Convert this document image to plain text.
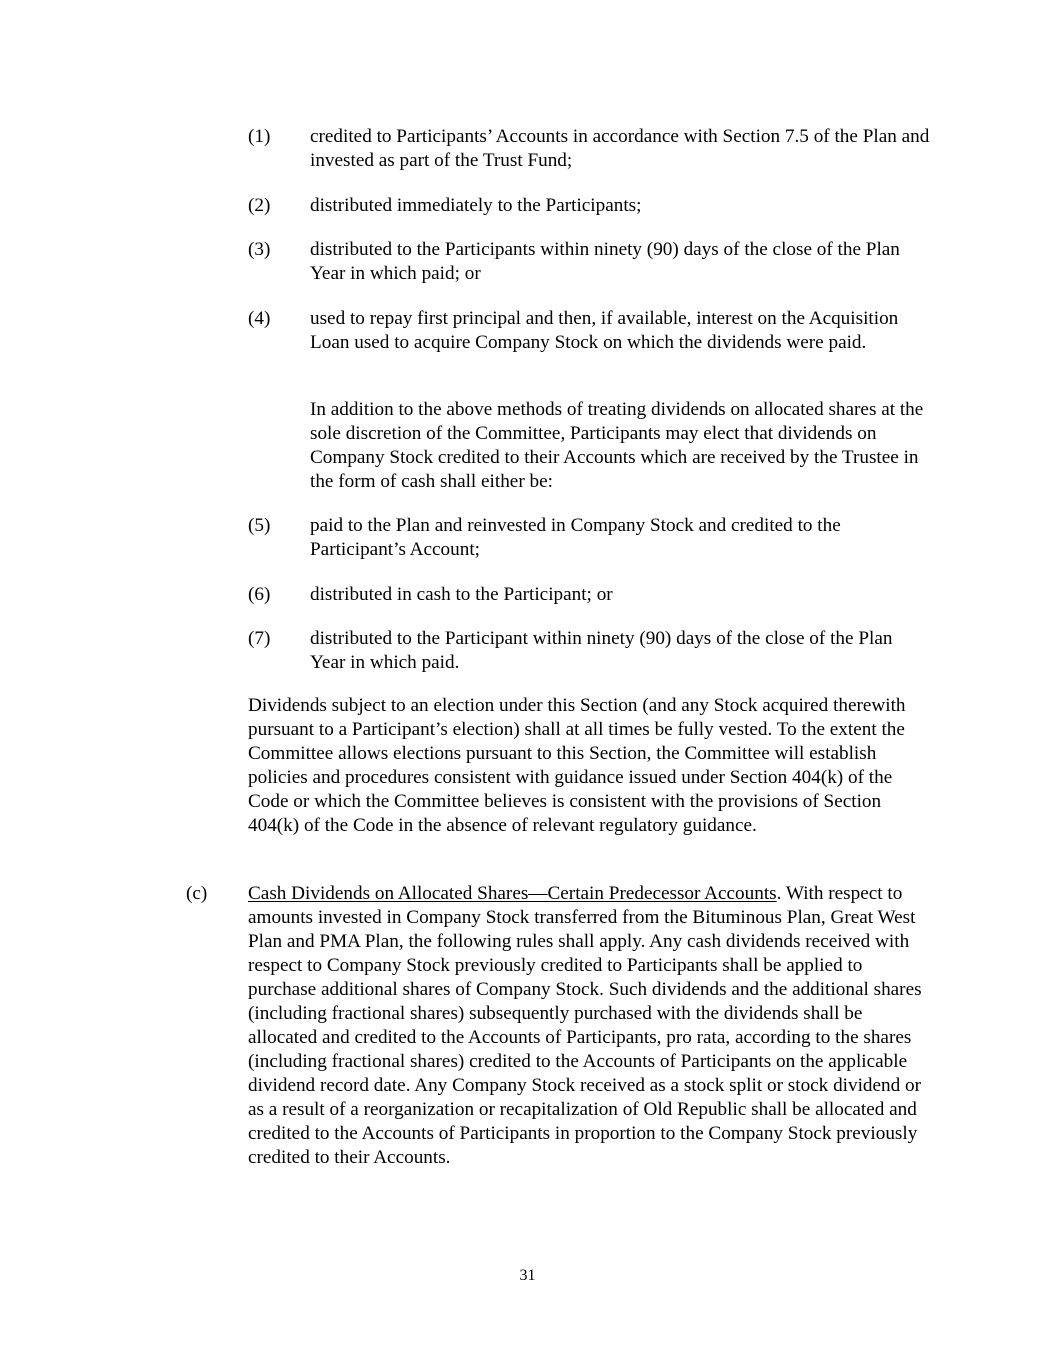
(1) credited to Participants’ Accounts in accordance with Section 7.5 of the Plan and invested as part of the Trust Fund;

(2) distributed immediately to the Participants;

(3) distributed to the Participants within ninety (90) days of the close of the Plan Year in which paid; or

(4) used to repay first principal and then, if available, interest on the Acquisition Loan used to acquire Company Stock on which the dividends were paid.

In addition to the above methods of treating dividends on allocated shares at the sole discretion of the Committee, Participants may elect that dividends on Company Stock credited to their Accounts which are received by the Trustee in the form of cash shall either be:

(5) paid to the Plan and reinvested in Company Stock and credited to the Participant’s Account;

(6) distributed in cash to the Participant; or

(7) distributed to the Participant within ninety (90) days of the close of the Plan Year in which paid.

Dividends subject to an election under this Section (and any Stock acquired therewith pursuant to a Participant’s election) shall at all times be fully vested. To the extent the Committee allows elections pursuant to this Section, the Committee will establish policies and procedures consistent with guidance issued under Section 404(k) of the Code or which the Committee believes is consistent with the provisions of Section 404(k) of the Code in the absence of relevant regulatory guidance.

(c) Cash Dividends on Allocated Shares—Certain Predecessor Accounts. With respect to amounts invested in Company Stock transferred from the Bituminous Plan, Great West Plan and PMA Plan, the following rules shall apply. Any cash dividends received with respect to Company Stock previously credited to Participants shall be applied to purchase additional shares of Company Stock. Such dividends and the additional shares (including fractional shares) subsequently purchased with the dividends shall be allocated and credited to the Accounts of Participants, pro rata, according to the shares (including fractional shares) credited to the Accounts of Participants on the applicable dividend record date. Any Company Stock received as a stock split or stock dividend or as a result of a reorganization or recapitalization of Old Republic shall be allocated and credited to the Accounts of Participants in proportion to the Company Stock previously credited to their Accounts.

31
